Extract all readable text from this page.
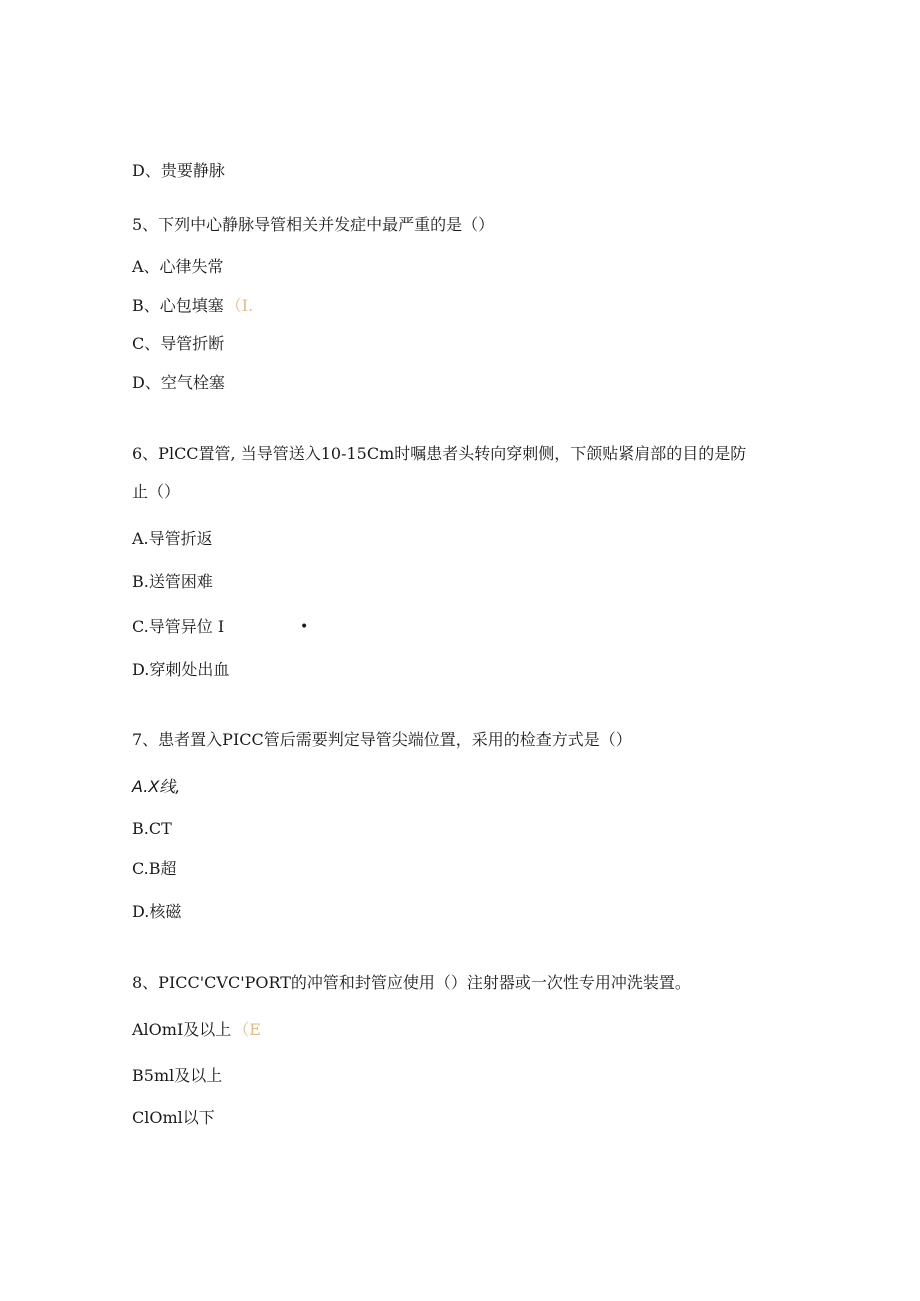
D、贵要静脉
5、下列中心静脉导管相关并发症中最严重的是（）
A、心律失常
B、心包填塞 （I.
C、导管折断
D、空气栓塞
6、PlCC置管, 当导管送入10-15Cm时嘱患者头转向穿刺侧，下颌贴紧肩部的目的是防
止（）
A.导管折返
B.送管困难
C.导管异位 I	•
D.穿刺处出血
7、患者置入PICC管后需要判定导管尖端位置，采用的检查方式是（）
A.X线,
B.CT
C.B超
D.核磁
8、PICC'CVC'PORT的冲管和封管应使用（）注射器或一次性专用冲洗装置。
AlOmI及以上 （E
B5ml及以上
ClOml以下
